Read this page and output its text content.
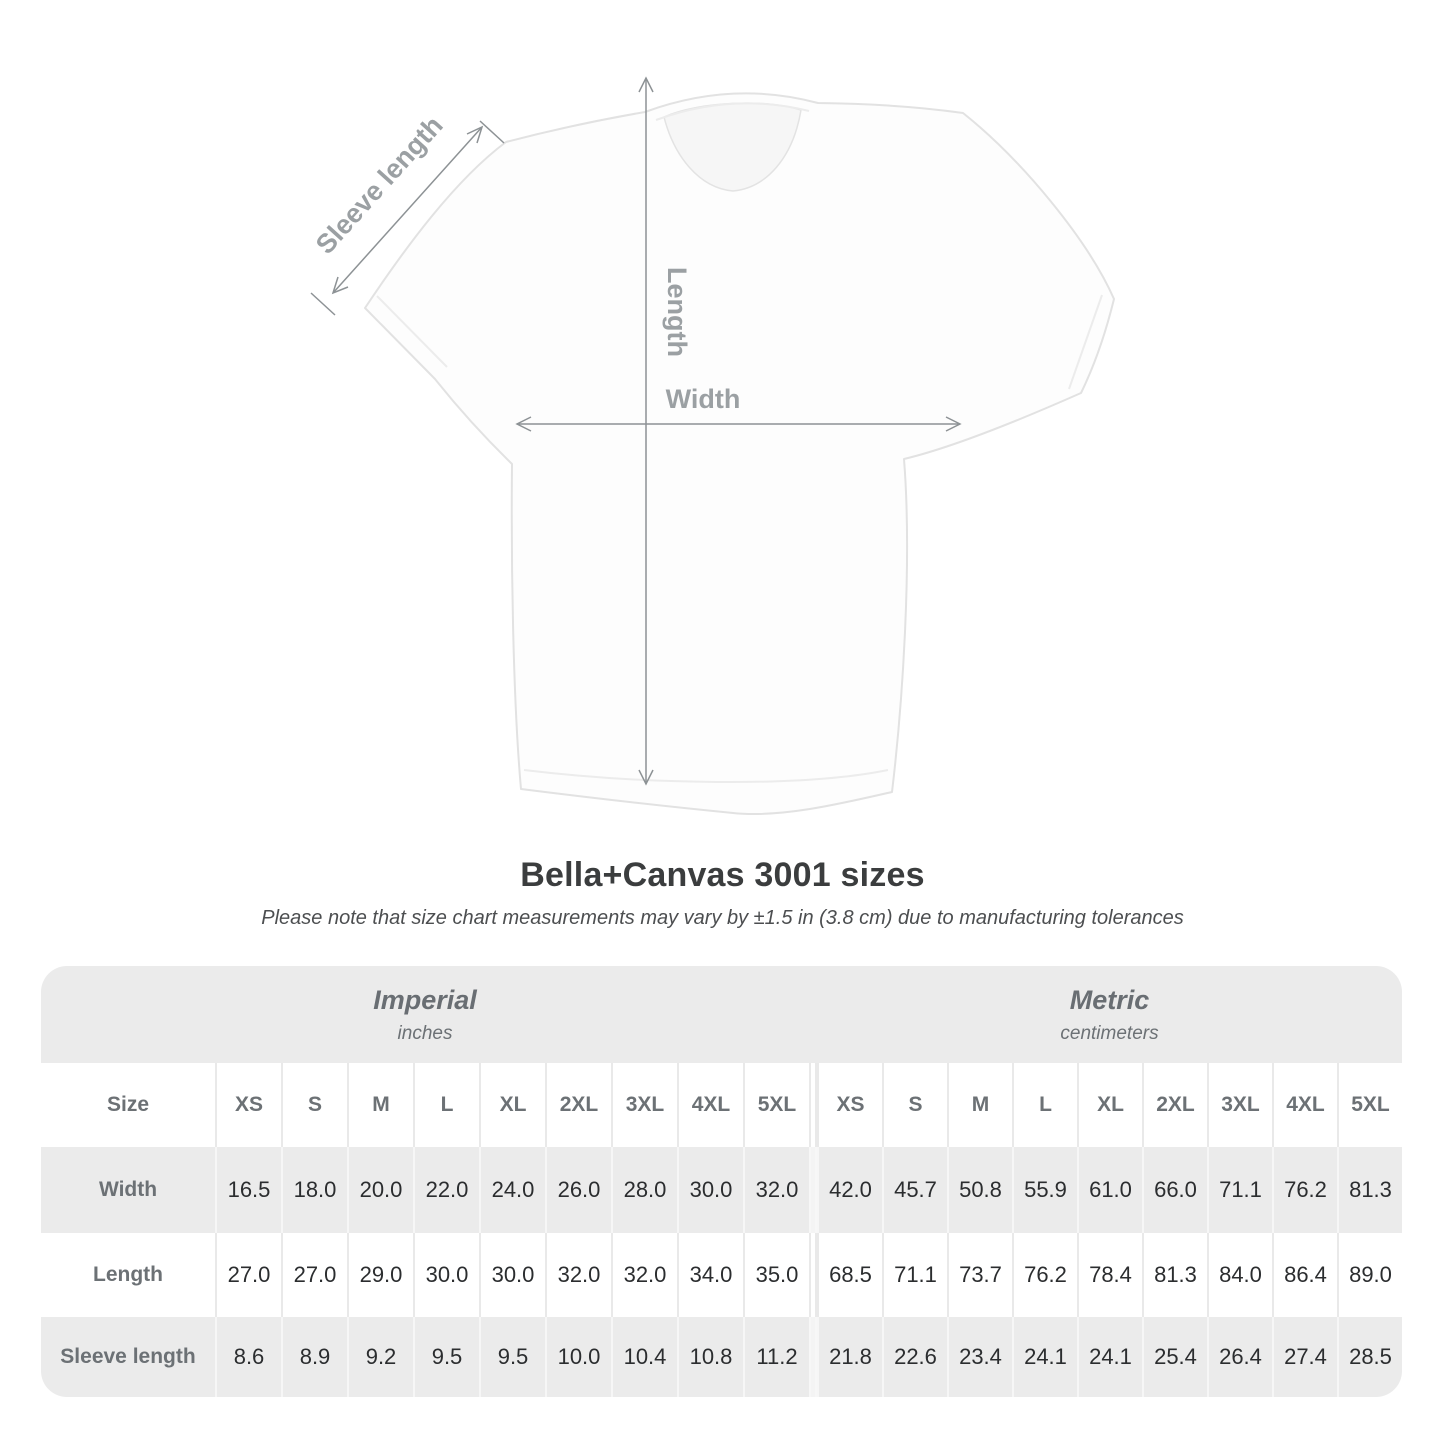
Sleeve length
Length
Width
Bella+Canvas 3001 sizes
Please note that size chart measurements may vary by ±1.5 in (3.8 cm) due to manufacturing tolerances
Imperial
inches
Metric
centimeters
Size	XS	S	M	L	XL	2XL	3XL	4XL	5XL	XS	S	M	L	XL	2XL	3XL	4XL	5XL
Width	16.5	18.0	20.0	22.0	24.0	26.0	28.0	30.0	32.0	42.0	45.7	50.8	55.9	61.0	66.0	71.1	76.2	81.3
Length	27.0	27.0	29.0	30.0	30.0	32.0	32.0	34.0	35.0	68.5	71.1	73.7	76.2	78.4	81.3	84.0	86.4	89.0
Sleeve length	8.6	8.9	9.2	9.5	9.5	10.0	10.4	10.8	11.2	21.8	22.6	23.4	24.1	24.1	25.4	26.4	27.4	28.5
